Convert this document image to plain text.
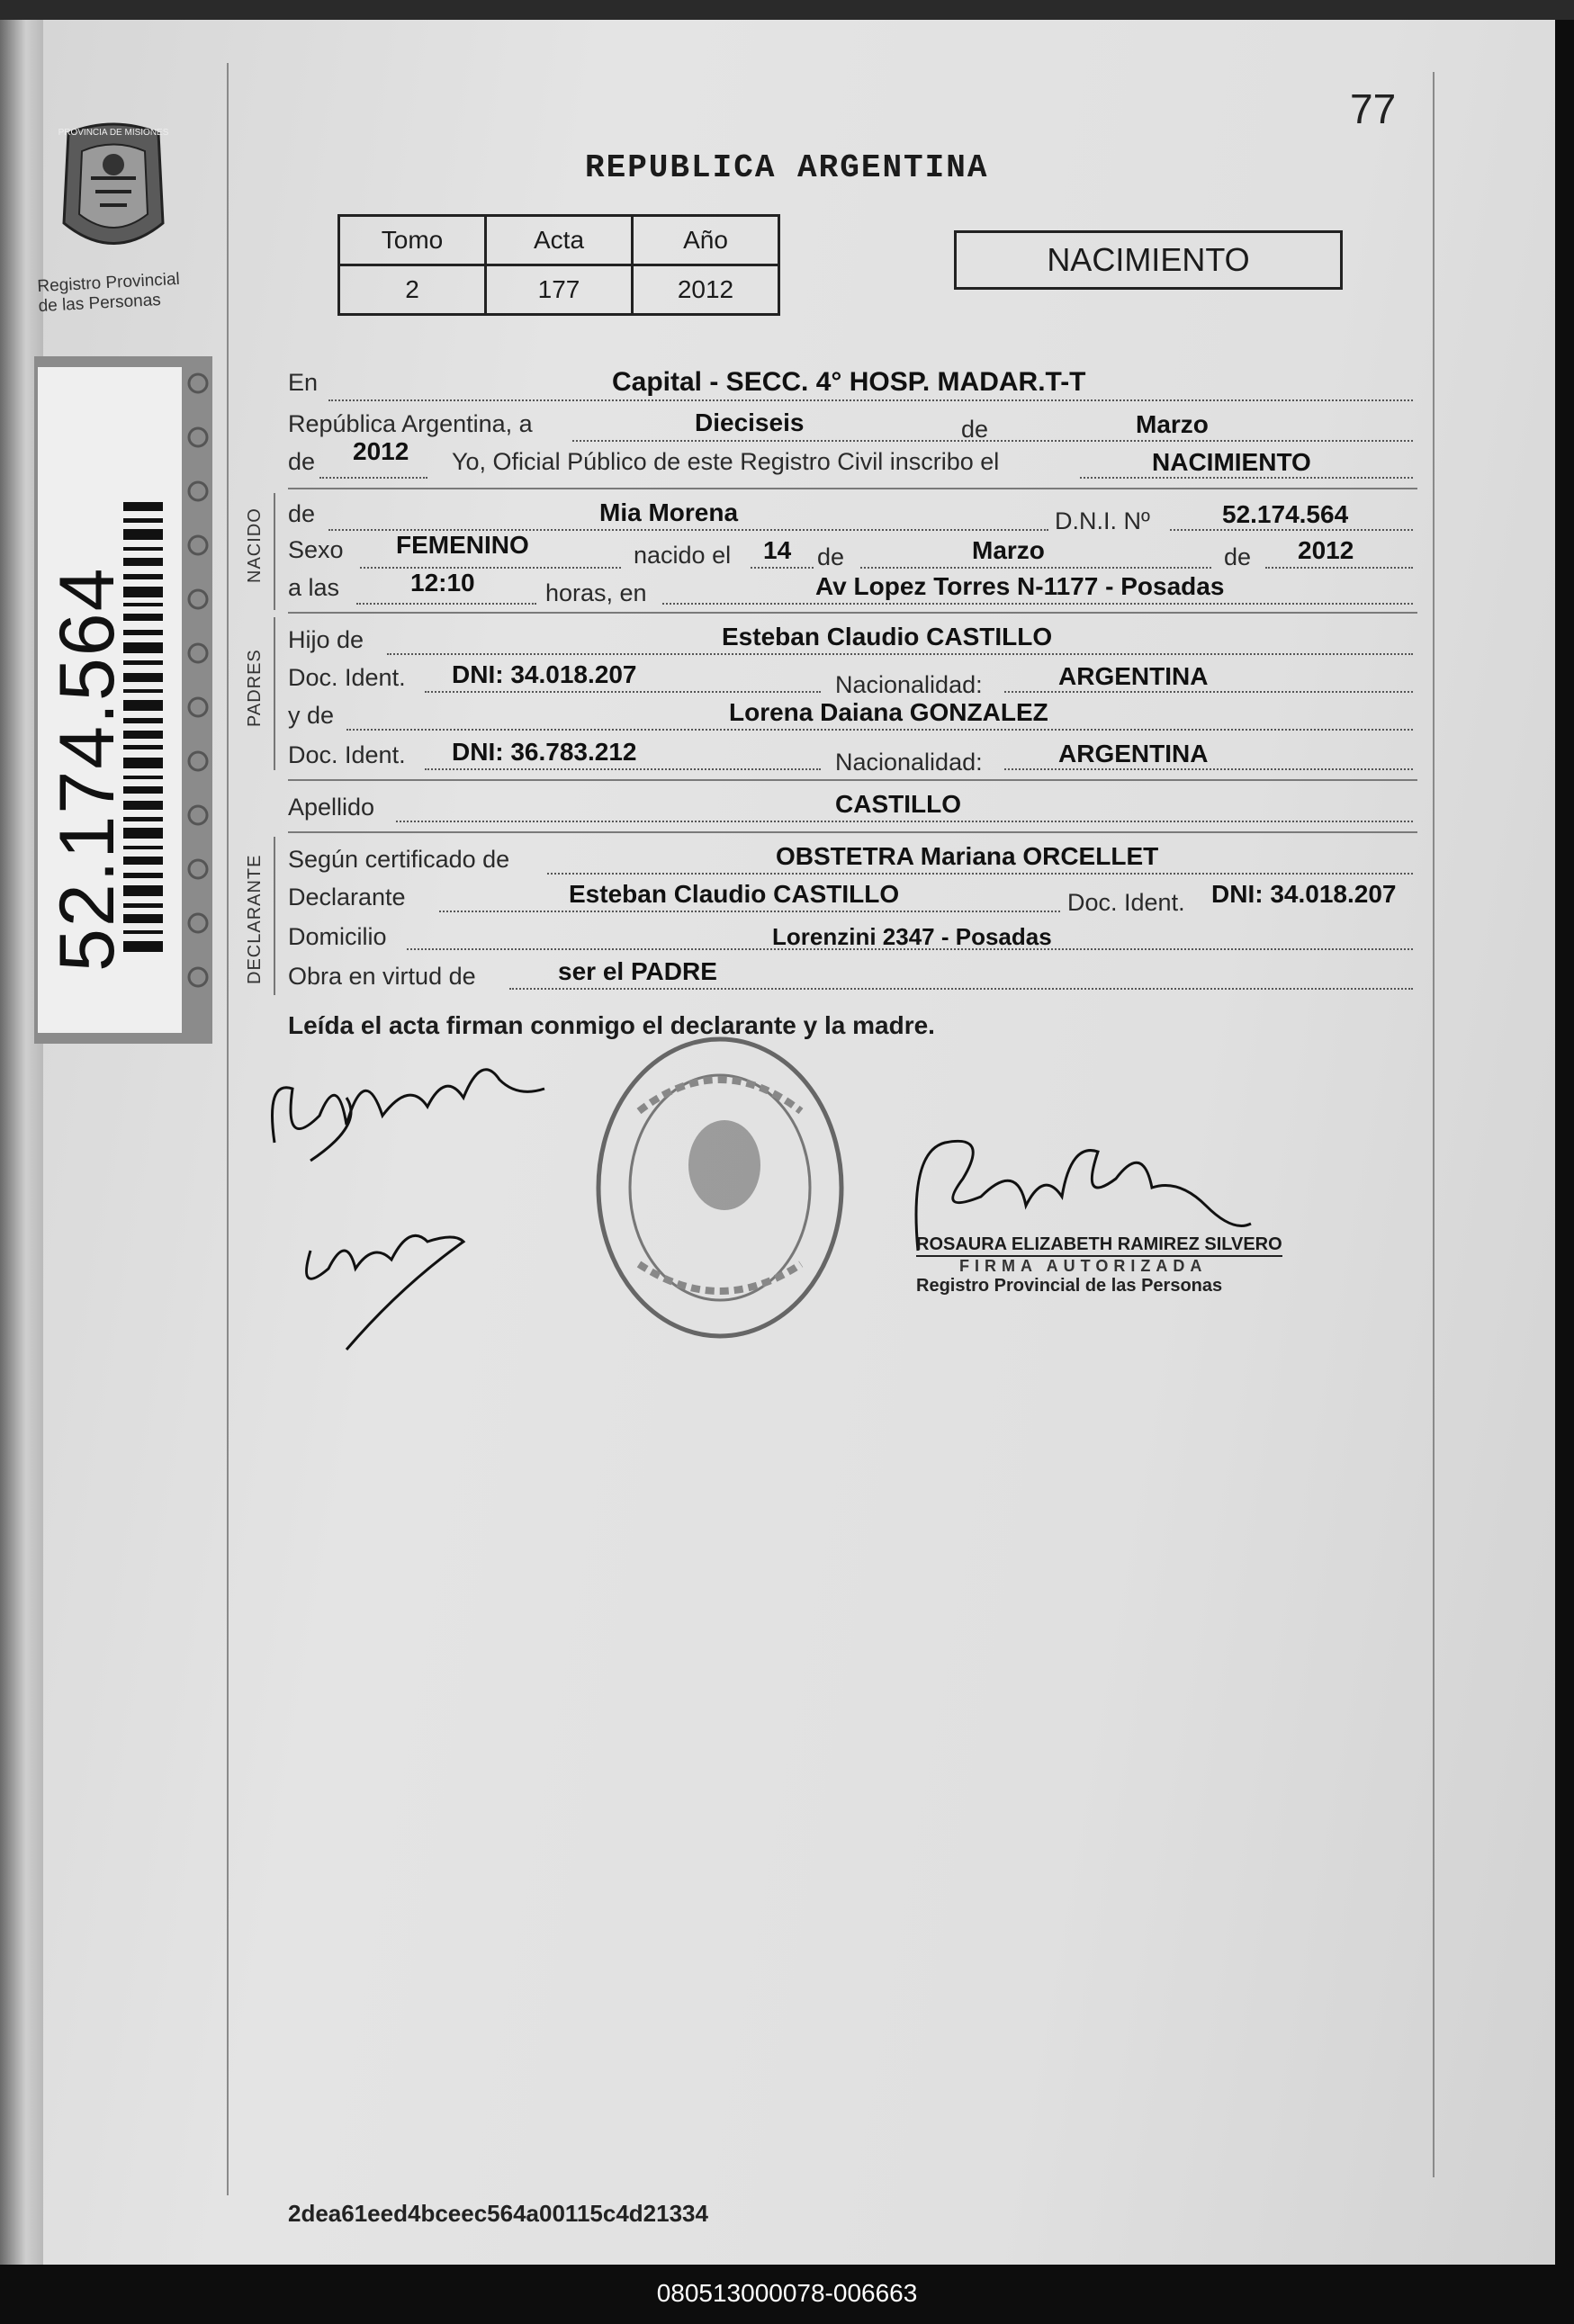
PROVINCIA DE MISIONES
Registro Provincial
de las Personas
52.174.564
77
REPUBLICA ARGENTINA
Tomo	Acta	Año
2	177	2012
NACIMIENTO
En	Capital - SECC. 4° HOSP. MADAR.T-T
República Argentina, a	Dieciseis	de	Marzo
de 2012 Yo, Oficial Público de este Registro Civil inscribo el	NACIMIENTO
NACIDO de	Mia Morena	D.N.I. Nº	52.174.564
Sexo FEMENINO	nacido el 14 de	Marzo	de 2012
a las	12:10	horas, en	Av Lopez Torres N-1177 - Posadas
PADRES
Hijo de	Esteban Claudio CASTILLO
Doc. Ident. DNI: 34.018.207	Nacionalidad:	ARGENTINA
y de	Lorena Daiana GONZALEZ
Doc. Ident. DNI: 36.783.212	Nacionalidad:	ARGENTINA
Apellido	CASTILLO
DECLARANTE Según certificado de	OBSTETRA Mariana ORCELLET
Declarante	Esteban Claudio CASTILLO	Doc. Ident. DNI: 34.018.207
Domicilio	Lorenzini 2347 - Posadas
Obra en virtud de	ser el PADRE
Leída el acta firman conmigo el declarante y la madre.
ROSAURA ELIZABETH RAMIREZ SILVERO
FIRMA AUTORIZADA
Registro Provincial de las Personas
2dea61eed4bceec564a00115c4d21334
080513000078-006663
